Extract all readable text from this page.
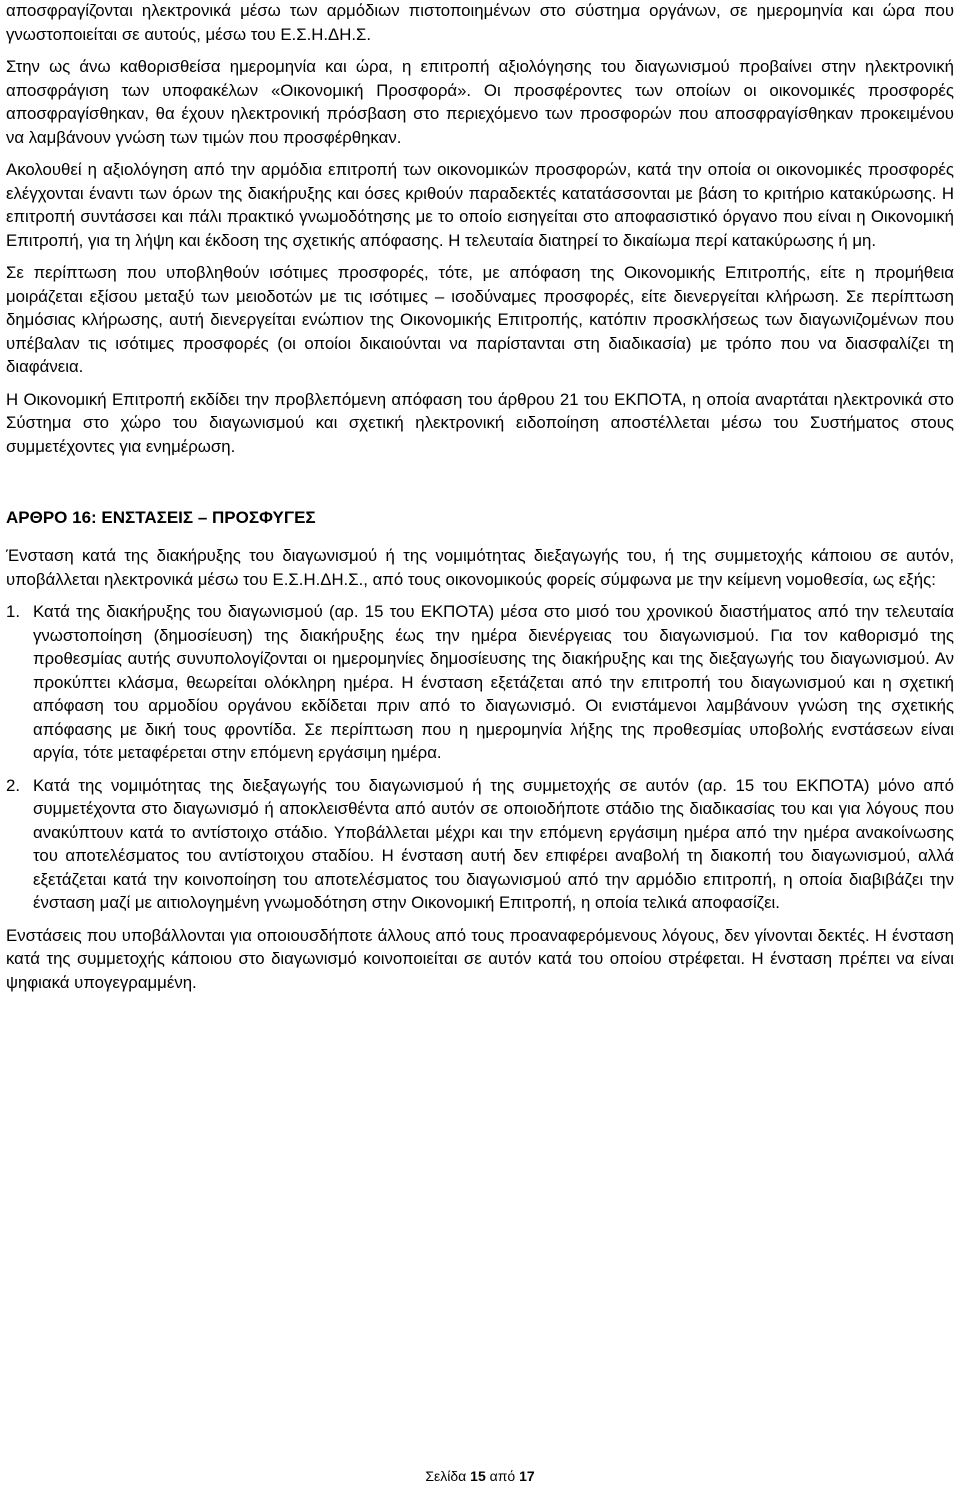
αποσφραγίζονται ηλεκτρονικά μέσω των αρμόδιων πιστοποιημένων στο σύστημα οργάνων, σε ημερομηνία και ώρα που γνωστοποιείται σε αυτούς, μέσω του Ε.Σ.Η.ΔΗ.Σ.

Στην ως άνω καθορισθείσα ημερομηνία και ώρα, η επιτροπή αξιολόγησης του διαγωνισμού προβαίνει στην ηλεκτρονική αποσφράγιση των υποφακέλων «Οικονομική Προσφορά». Οι προσφέροντες των οποίων οι οικονομικές προσφορές αποσφραγίσθηκαν, θα έχουν ηλεκτρονική πρόσβαση στο περιεχόμενο των προσφορών που αποσφραγίσθηκαν προκειμένου να λαμβάνουν γνώση των τιμών που προσφέρθηκαν.

Ακολουθεί η αξιολόγηση από την αρμόδια επιτροπή των οικονομικών προσφορών, κατά την οποία οι οικονομικές προσφορές ελέγχονται έναντι των όρων της διακήρυξης και όσες κριθούν παραδεκτές κατατάσσονται με βάση το κριτήριο κατακύρωσης. Η επιτροπή συντάσσει και πάλι πρακτικό γνωμοδότησης με το οποίο εισηγείται στο αποφασιστικό όργανο που είναι η Οικονομική Επιτροπή, για τη λήψη και έκδοση της σχετικής απόφασης. Η τελευταία διατηρεί το δικαίωμα περί κατακύρωσης ή μη.

Σε περίπτωση που υποβληθούν ισότιμες προσφορές, τότε, με απόφαση της Οικονομικής Επιτροπής, είτε η προμήθεια μοιράζεται εξίσου μεταξύ των μειοδοτών με τις ισότιμες – ισοδύναμες προσφορές, είτε διενεργείται κλήρωση. Σε περίπτωση δημόσιας κλήρωσης, αυτή διενεργείται ενώπιον της Οικονομικής Επιτροπής, κατόπιν προσκλήσεως των διαγωνιζομένων που υπέβαλαν τις ισότιμες προσφορές (οι οποίοι δικαιούνται να παρίστανται στη διαδικασία) με τρόπο που να διασφαλίζει τη διαφάνεια.

Η Οικονομική Επιτροπή εκδίδει την προβλεπόμενη απόφαση του άρθρου 21 του ΕΚΠΟΤΑ, η οποία αναρτάται ηλεκτρονικά στο Σύστημα στο χώρο του διαγωνισμού και σχετική ηλεκτρονική ειδοποίηση αποστέλλεται μέσω του Συστήματος στους συμμετέχοντες για ενημέρωση.

ΑΡΘΡΟ 16: ΕΝΣΤΑΣΕΙΣ – ΠΡΟΣΦΥΓΕΣ

Ένσταση κατά της διακήρυξης του διαγωνισμού ή της νομιμότητας διεξαγωγής του, ή της συμμετοχής κάποιου σε αυτόν, υποβάλλεται ηλεκτρονικά μέσω του Ε.Σ.Η.ΔΗ.Σ., από τους οικονομικούς φορείς σύμφωνα με την κείμενη νομοθεσία, ως εξής:

1. Κατά της διακήρυξης του διαγωνισμού (αρ. 15 του ΕΚΠΟΤΑ) μέσα στο μισό του χρονικού διαστήματος από την τελευταία γνωστοποίηση (δημοσίευση) της διακήρυξης έως την ημέρα διενέργειας του διαγωνισμού. Για τον καθορισμό της προθεσμίας αυτής συνυπολογίζονται οι ημερομηνίες δημοσίευσης της διακήρυξης και της διεξαγωγής του διαγωνισμού. Αν προκύπτει κλάσμα, θεωρείται ολόκληρη ημέρα. Η ένσταση εξετάζεται από την επιτροπή του διαγωνισμού και η σχετική απόφαση του αρμοδίου οργάνου εκδίδεται πριν από το διαγωνισμό. Οι ενιστάμενοι λαμβάνουν γνώση της σχετικής απόφασης με δική τους φροντίδα. Σε περίπτωση που η ημερομηνία λήξης της προθεσμίας υποβολής ενστάσεων είναι αργία, τότε μεταφέρεται στην επόμενη εργάσιμη ημέρα.
2. Κατά της νομιμότητας της διεξαγωγής του διαγωνισμού ή της συμμετοχής σε αυτόν (αρ. 15 του ΕΚΠΟΤΑ) μόνο από συμμετέχοντα στο διαγωνισμό ή αποκλεισθέντα από αυτόν σε οποιοδήποτε στάδιο της διαδικασίας του και για λόγους που ανακύπτουν κατά το αντίστοιχο στάδιο. Υποβάλλεται μέχρι και την επόμενη εργάσιμη ημέρα από την ημέρα ανακοίνωσης του αποτελέσματος του αντίστοιχου σταδίου. Η ένσταση αυτή δεν επιφέρει αναβολή τη διακοπή του διαγωνισμού, αλλά εξετάζεται κατά την κοινοποίηση του αποτελέσματος του διαγωνισμού από την αρμόδιο επιτροπή, η οποία διαβιβάζει την ένσταση μαζί με αιτιολογημένη γνωμοδότηση στην Οικονομική Επιτροπή, η οποία τελικά αποφασίζει.

Ενστάσεις που υποβάλλονται για οποιουσδήποτε άλλους από τους προαναφερόμενους λόγους, δεν γίνονται δεκτές. Η ένσταση κατά της συμμετοχής κάποιου στο διαγωνισμό κοινοποιείται σε αυτόν κατά του οποίου στρέφεται. Η ένσταση πρέπει να είναι ψηφιακά υπογεγραμμένη.

Σελίδα 15 από 17
